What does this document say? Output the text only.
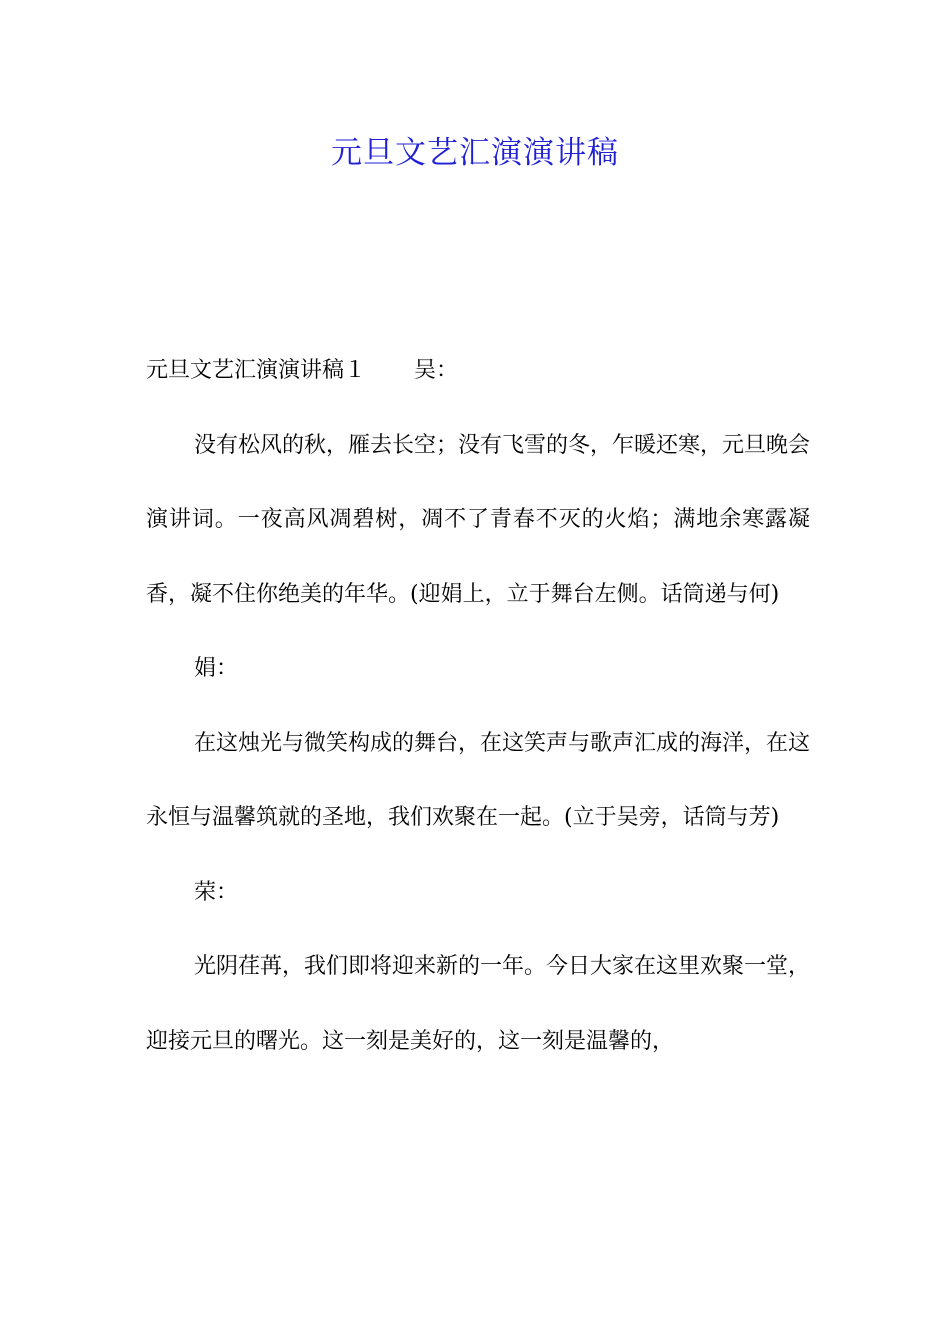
元旦文艺汇演演讲稿

元旦文艺汇演演讲稿１ 吴：

没有松风的秋，雁去长空；没有飞雪的冬，乍暖还寒，元旦晚会演讲词。一夜高风凋碧树，凋不了青春不灭的火焰；满地余寒露凝香，凝不住你绝美的年华。(迎娟上，立于舞台左侧。话筒递与何)

娟：

在这烛光与微笑构成的舞台，在这笑声与歌声汇成的海洋，在这永恒与温馨筑就的圣地，我们欢聚在一起。(立于吴旁，话筒与芳)

荣：

光阴荏苒，我们即将迎来新的一年。今日大家在这里欢聚一堂，迎接元旦的曙光。这一刻是美好的，这一刻是温馨的，
